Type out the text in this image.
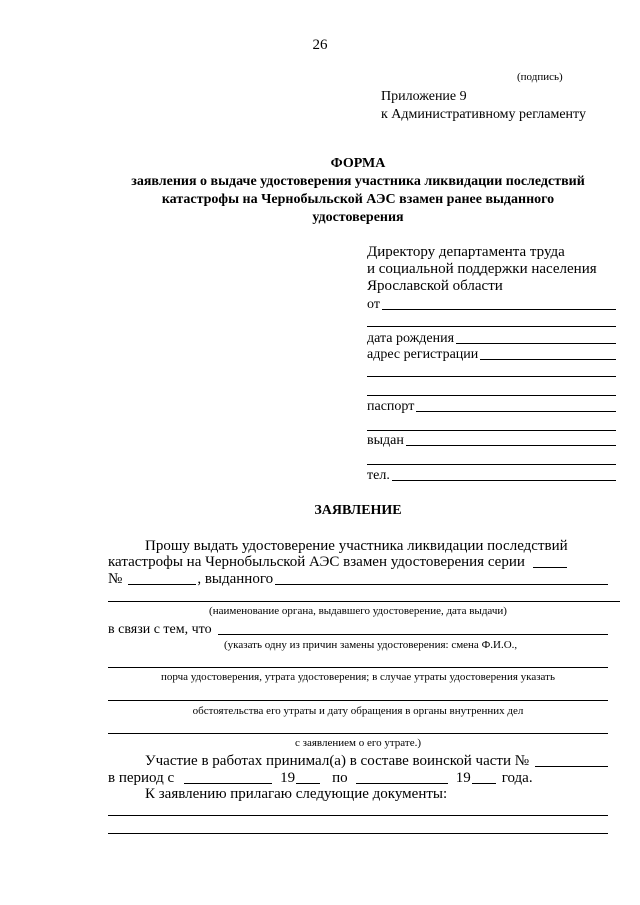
26
(подпись)
Приложение 9
к Административному регламенту
ФОРМА
заявления о выдаче удостоверения участника ликвидации последствий
катастрофы на Чернобыльской АЭС взамен ранее выданного
удостоверения
Директору департамента труда
и социальной поддержки населения
Ярославской области
от
дата рождения
адрес регистрации
паспорт
выдан
тел.
ЗАЯВЛЕНИЕ
Прошу выдать удостоверение участника ликвидации последствий
катастрофы на Чернобыльской АЭС взамен удостоверения серии
№	, выданного
(наименование органа, выдавшего удостоверение, дата выдачи)
в связи с тем, что
(указать одну из причин замены удостоверения: смена Ф.И.О.,
порча удостоверения, утрата удостоверения; в случае утраты удостоверения указать
обстоятельства его утраты и дату обращения в органы внутренних дел
с заявлением о его утрате.)
Участие в работах принимал(а) в составе воинской части №
в период с	19 по	19 года.
К заявлению прилагаю следующие документы:
